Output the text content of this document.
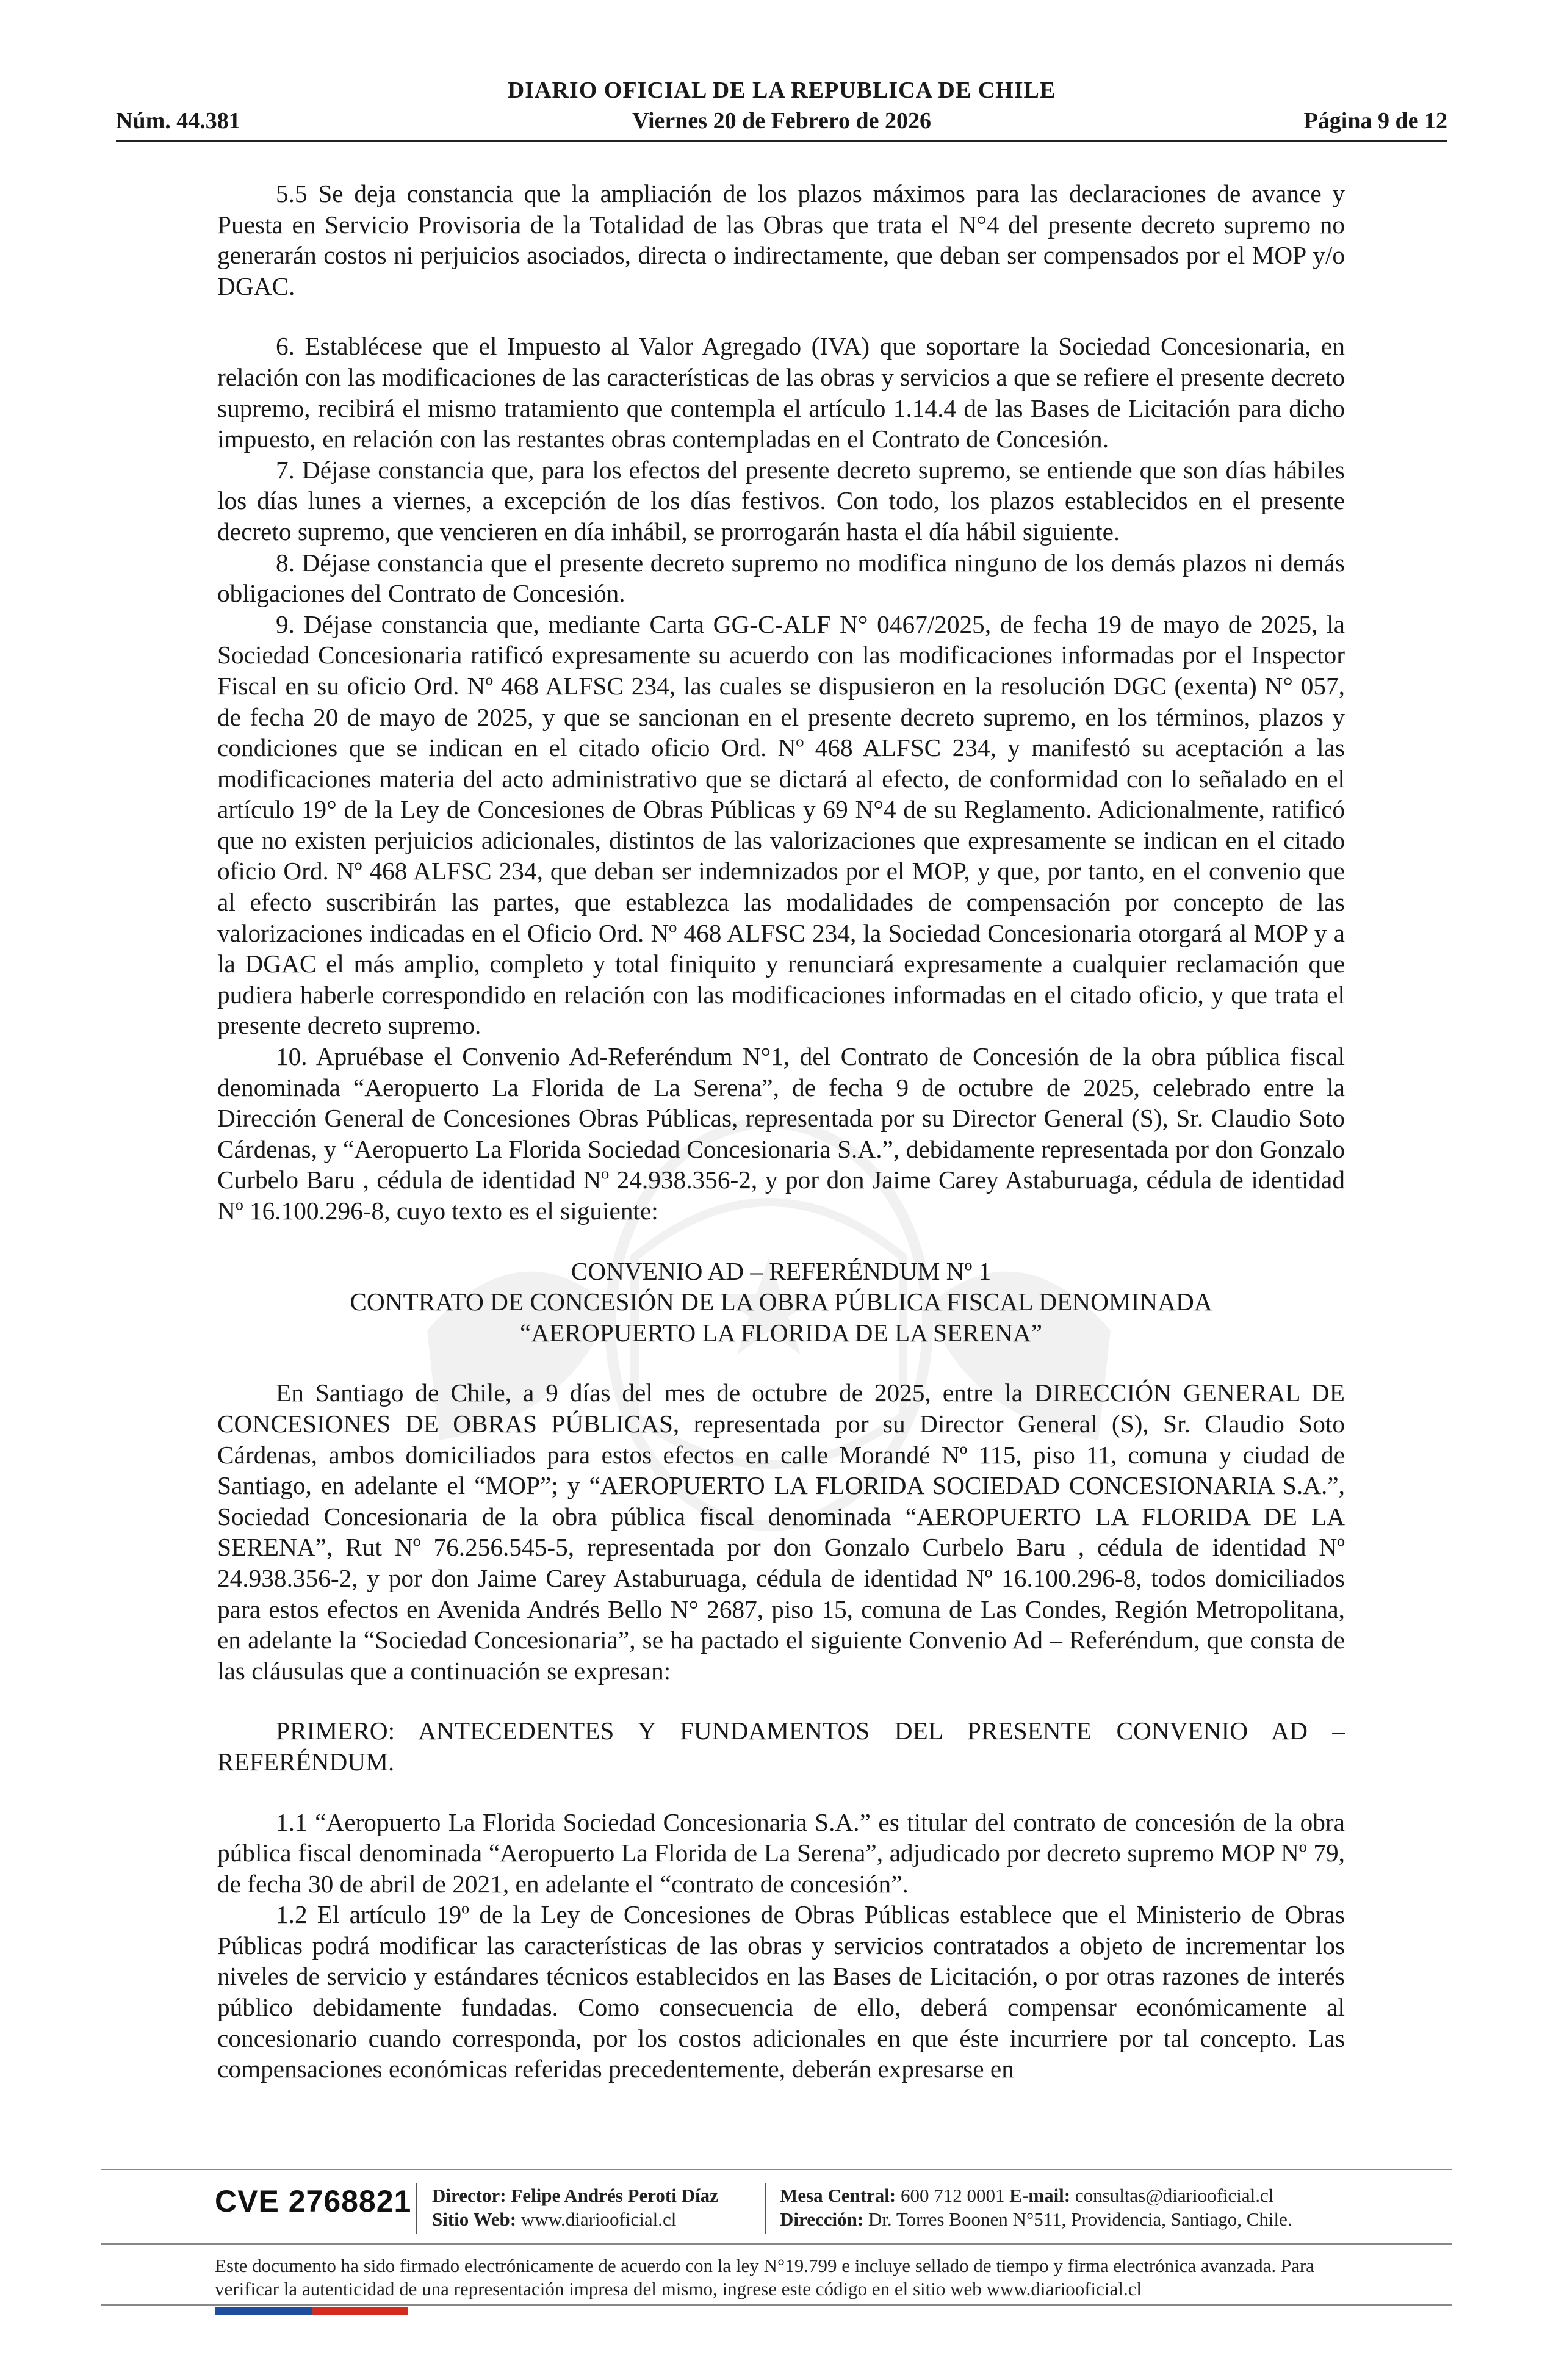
DIARIO OFICIAL DE LA REPUBLICA DE CHILE
Núm. 44.381	Viernes 20 de Febrero de 2026	Página 9 de 12

5.5 Se deja constancia que la ampliación de los plazos máximos para las declaraciones de avance y Puesta en Servicio Provisoria de la Totalidad de las Obras que trata el N°4 del presente decreto supremo no generarán costos ni perjuicios asociados, directa o indirectamente, que deban ser compensados por el MOP y/o DGAC.

6. Establécese que el Impuesto al Valor Agregado (IVA) que soportare la Sociedad Concesionaria, en relación con las modificaciones de las características de las obras y servicios a que se refiere el presente decreto supremo, recibirá el mismo tratamiento que contempla el artículo 1.14.4 de las Bases de Licitación para dicho impuesto, en relación con las restantes obras contempladas en el Contrato de Concesión.

7. Déjase constancia que, para los efectos del presente decreto supremo, se entiende que son días hábiles los días lunes a viernes, a excepción de los días festivos. Con todo, los plazos establecidos en el presente decreto supremo, que vencieren en día inhábil, se prorrogarán hasta el día hábil siguiente.

8. Déjase constancia que el presente decreto supremo no modifica ninguno de los demás plazos ni demás obligaciones del Contrato de Concesión.

9. Déjase constancia que, mediante Carta GG-C-ALF N° 0467/2025, de fecha 19 de mayo de 2025, la Sociedad Concesionaria ratificó expresamente su acuerdo con las modificaciones informadas por el Inspector Fiscal en su oficio Ord. Nº 468 ALFSC 234, las cuales se dispusieron en la resolución DGC (exenta) N° 057, de fecha 20 de mayo de 2025, y que se sancionan en el presente decreto supremo, en los términos, plazos y condiciones que se indican en el citado oficio Ord. Nº 468 ALFSC 234, y manifestó su aceptación a las modificaciones materia del acto administrativo que se dictará al efecto, de conformidad con lo señalado en el artículo 19° de la Ley de Concesiones de Obras Públicas y 69 N°4 de su Reglamento. Adicionalmente, ratificó que no existen perjuicios adicionales, distintos de las valorizaciones que expresamente se indican en el citado oficio Ord. Nº 468 ALFSC 234, que deban ser indemnizados por el MOP, y que, por tanto, en el convenio que al efecto suscribirán las partes, que establezca las modalidades de compensación por concepto de las valorizaciones indicadas en el Oficio Ord. Nº 468 ALFSC 234, la Sociedad Concesionaria otorgará al MOP y a la DGAC el más amplio, completo y total finiquito y renunciará expresamente a cualquier reclamación que pudiera haberle correspondido en relación con las modificaciones informadas en el citado oficio, y que trata el presente decreto supremo.

10. Apruébase el Convenio Ad-Referéndum N°1, del Contrato de Concesión de la obra pública fiscal denominada “Aeropuerto La Florida de La Serena”, de fecha 9 de octubre de 2025, celebrado entre la Dirección General de Concesiones Obras Públicas, representada por su Director General (S), Sr. Claudio Soto Cárdenas, y “Aeropuerto La Florida Sociedad Concesionaria S.A.”, debidamente representada por don Gonzalo Curbelo Baru , cédula de identidad Nº 24.938.356-2, y por don Jaime Carey Astaburuaga, cédula de identidad Nº 16.100.296-8, cuyo texto es el siguiente:

CONVENIO AD – REFERÉNDUM Nº 1

CONTRATO DE CONCESIÓN DE LA OBRA PÚBLICA FISCAL DENOMINADA

“AEROPUERTO LA FLORIDA DE LA SERENA”

En Santiago de Chile, a 9 días del mes de octubre de 2025, entre la DIRECCIÓN GENERAL DE CONCESIONES DE OBRAS PÚBLICAS, representada por su Director General (S), Sr. Claudio Soto Cárdenas, ambos domiciliados para estos efectos en calle Morandé Nº 115, piso 11, comuna y ciudad de Santiago, en adelante el “MOP”; y “AEROPUERTO LA FLORIDA SOCIEDAD CONCESIONARIA S.A.”, Sociedad Concesionaria de la obra pública fiscal denominada “AEROPUERTO LA FLORIDA DE LA SERENA”, Rut Nº 76.256.545-5, representada por don Gonzalo Curbelo Baru , cédula de identidad Nº 24.938.356-2, y por don Jaime Carey Astaburuaga, cédula de identidad Nº 16.100.296-8, todos domiciliados para estos efectos en Avenida Andrés Bello N° 2687, piso 15, comuna de Las Condes, Región Metropolitana, en adelante la “Sociedad Concesionaria”, se ha pactado el siguiente Convenio Ad – Referéndum, que consta de las cláusulas que a continuación se expresan:

PRIMERO: ANTECEDENTES Y FUNDAMENTOS DEL PRESENTE CONVENIO AD – REFERÉNDUM.

1.1 “Aeropuerto La Florida Sociedad Concesionaria S.A.” es titular del contrato de concesión de la obra pública fiscal denominada “Aeropuerto La Florida de La Serena”, adjudicado por decreto supremo MOP Nº 79, de fecha 30 de abril de 2021, en adelante el “contrato de concesión”.

1.2 El artículo 19º de la Ley de Concesiones de Obras Públicas establece que el Ministerio de Obras Públicas podrá modificar las características de las obras y servicios contratados a objeto de incrementar los niveles de servicio y estándares técnicos establecidos en las Bases de Licitación, o por otras razones de interés público debidamente fundadas. Como consecuencia de ello, deberá compensar económicamente al concesionario cuando corresponda, por los costos adicionales en que éste incurriere por tal concepto. Las compensaciones económicas referidas precedentemente, deberán expresarse en

CVE 2768821 Director: Felipe Andrés Peroti Díaz
Sitio Web: www.diariooficial.cl
Mesa Central: 600 712 0001 E-mail: consultas@diariooficial.cl
Dirección: Dr. Torres Boonen N°511, Providencia, Santiago, Chile.
Este documento ha sido firmado electrónicamente de acuerdo con la ley N°19.799 e incluye sellado de tiempo y firma electrónica avanzada. Para verificar la autenticidad de una representación impresa del mismo, ingrese este código en el sitio web www.diariooficial.cl
